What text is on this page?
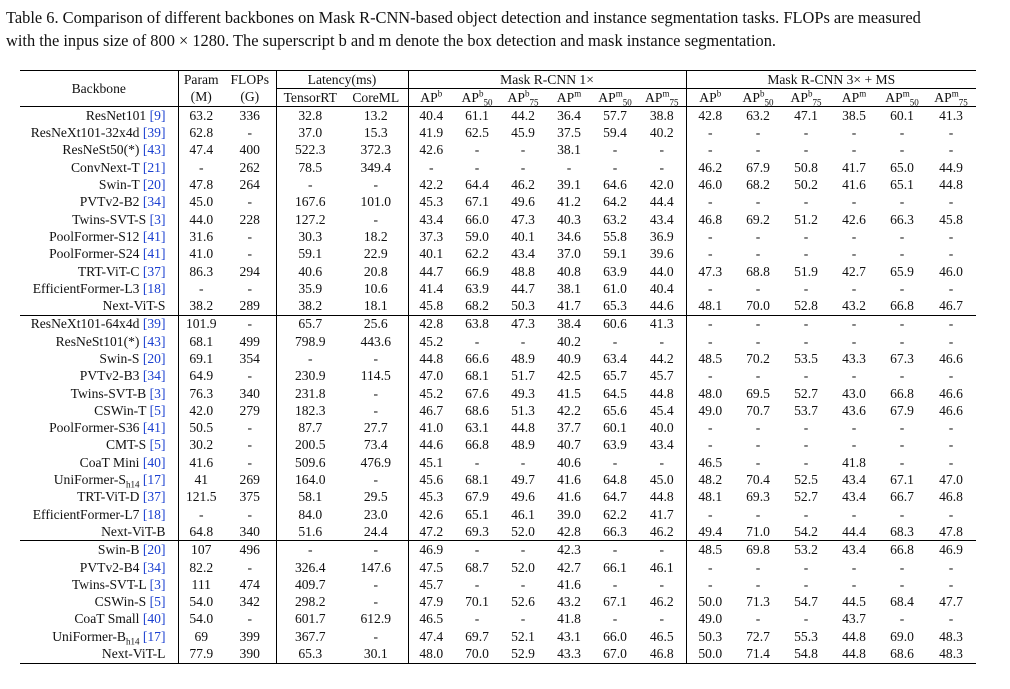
Table 6. Comparison of different backbones on Mask R-CNN-based object detection and instance segmentation tasks. FLOPs are measured
with the inpus size of 800 × 1280. The superscript b and m denote the box detection and mask instance segmentation.
Backbone	Param	FLOPs	Latency(ms)		Mask R-CNN 1×						Mask R-CNN 3× + MS					
	(M)	(G)	TensorRT	CoreML	$AP^b$	$AP^b_{50}$	$AP^b_{75}$	$AP^m$	$AP^m_{50}$	$AP^m_{75}$	$AP^b$	$AP^b_{50}$	$AP^b_{75}$	$AP^m$	$AP^m_{50}$	$AP^m_{75}$
ResNet101 [9]	63.2	336	32.8	13.2	40.4	61.1	44.2	36.4	57.7	38.8	42.8	63.2	47.1	38.5	60.1	41.3
ResNeXt101-32x4d [39]	62.8	-	37.0	15.3	41.9	62.5	45.9	37.5	59.4	40.2	-	-	-	-	-	-
ResNeSt50(*) [43]	47.4	400	522.3	372.3	42.6	-	-	38.1	-	-	-	-	-	-	-	-
ConvNext-T [21]	-	262	78.5	349.4	-	-	-	-	-	-	46.2	67.9	50.8	41.7	65.0	44.9
Swin-T [20]	47.8	264	-	-	42.2	64.4	46.2	39.1	64.6	42.0	46.0	68.2	50.2	41.6	65.1	44.8
PVTv2-B2 [34]	45.0	-	167.6	101.0	45.3	67.1	49.6	41.2	64.2	44.4	-	-	-	-	-	-
Twins-SVT-S [3]	44.0	228	127.2	-	43.4	66.0	47.3	40.3	63.2	43.4	46.8	69.2	51.2	42.6	66.3	45.8
PoolFormer-S12 [41]	31.6	-	30.3	18.2	37.3	59.0	40.1	34.6	55.8	36.9	-	-	-	-	-	-
PoolFormer-S24 [41]	41.0	-	59.1	22.9	40.1	62.2	43.4	37.0	59.1	39.6	-	-	-	-	-	-
TRT-ViT-C [37]	86.3	294	40.6	20.8	44.7	66.9	48.8	40.8	63.9	44.0	47.3	68.8	51.9	42.7	65.9	46.0
EfficientFormer-L3 [18]	-	-	35.9	10.6	41.4	63.9	44.7	38.1	61.0	40.4	-	-	-	-	-	-
Next-ViT-S	38.2	289	38.2	18.1	45.8	68.2	50.3	41.7	65.3	44.6	48.1	70.0	52.8	43.2	66.8	46.7
ResNeXt101-64x4d [39]	101.9	-	65.7	25.6	42.8	63.8	47.3	38.4	60.6	41.3	-	-	-	-	-	-
ResNeSt101(*) [43]	68.1	499	798.9	443.6	45.2	-	-	40.2	-	-	-	-	-	-	-	-
Swin-S [20]	69.1	354	-	-	44.8	66.6	48.9	40.9	63.4	44.2	48.5	70.2	53.5	43.3	67.3	46.6
PVTv2-B3 [34]	64.9	-	230.9	114.5	47.0	68.1	51.7	42.5	65.7	45.7	-	-	-	-	-	-
Twins-SVT-B [3]	76.3	340	231.8	-	45.2	67.6	49.3	41.5	64.5	44.8	48.0	69.5	52.7	43.0	66.8	46.6
CSWin-T [5]	42.0	279	182.3	-	46.7	68.6	51.3	42.2	65.6	45.4	49.0	70.7	53.7	43.6	67.9	46.6
PoolFormer-S36 [41]	50.5	-	87.7	27.7	41.0	63.1	44.8	37.7	60.1	40.0	-	-	-	-	-	-
CMT-S [5]	30.2	-	200.5	73.4	44.6	66.8	48.9	40.7	63.9	43.4	-	-	-	-	-	-
CoaT Mini [40]	41.6	-	509.6	476.9	45.1	-	-	40.6	-	-	46.5	-	-	41.8	-	-
UniFormer-$S_{h14}$ [17]	41	269	164.0	-	45.6	68.1	49.7	41.6	64.8	45.0	48.2	70.4	52.5	43.4	67.1	47.0
TRT-ViT-D [37]	121.5	375	58.1	29.5	45.3	67.9	49.6	41.6	64.7	44.8	48.1	69.3	52.7	43.4	66.7	46.8
EfficientFormer-L7 [18]	-	-	84.0	23.0	42.6	65.1	46.1	39.0	62.2	41.7	-	-	-	-	-	-
Next-ViT-B	64.8	340	51.6	24.4	47.2	69.3	52.0	42.8	66.3	46.2	49.4	71.0	54.2	44.4	68.3	47.8
Swin-B [20]	107	496	-	-	46.9	-	-	42.3	-	-	48.5	69.8	53.2	43.4	66.8	46.9
PVTv2-B4 [34]	82.2	-	326.4	147.6	47.5	68.7	52.0	42.7	66.1	46.1	-	-	-	-	-	-
Twins-SVT-L [3]	111	474	409.7	-	45.7	-	-	41.6	-	-	-	-	-	-	-	-
CSWin-S [5]	54.0	342	298.2	-	47.9	70.1	52.6	43.2	67.1	46.2	50.0	71.3	54.7	44.5	68.4	47.7
CoaT Small [40]	54.0	-	601.7	612.9	46.5	-	-	41.8	-	-	49.0	-	-	43.7	-	-
UniFormer-$B_{h14}$ [17]	69	399	367.7	-	47.4	69.7	52.1	43.1	66.0	46.5	50.3	72.7	55.3	44.8	69.0	48.3
Next-ViT-L	77.9	390	65.3	30.1	48.0	70.0	52.9	43.3	67.0	46.8	50.0	71.4	54.8	44.8	68.6	48.3
